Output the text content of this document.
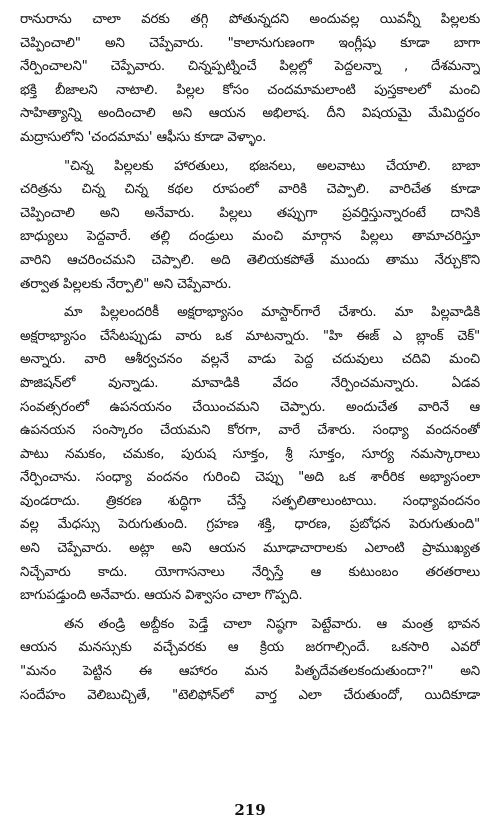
రానురాను చాలా వరకు తగ్గి పోతున్నదని అందువల్ల యివన్నీ పిల్లలకు
చెప్పించాలి" అని చెప్పేవారు. "కాలానుగుణంగా ఇంగ్లీషు కూడా బాగా
నేర్పించాలని" చెప్పేవారు. చిన్నప్పట్నించే పిల్లల్లో పెద్దలన్నా , దేశమన్నా
భక్తి బీజాలని నాటాలి. పిల్లల కోసం చందమామలాంటి పుస్తకాలలో మంచి
సాహిత్యాన్ని అందించాలి అని ఆయన అభిలాష. దీని విషయమై మేమిద్దరం
మద్రాసులోని 'చందమామ' ఆఫీసు కూడా వెళ్ళాం.
"చిన్న పిల్లలకు హారతులు, భజనలు, అలవాటు చేయాలి. బాబా
చరిత్రను చిన్న చిన్న కథల రూపంలో వారికి చెప్పాలి. వారిచేత కూడా
చెప్పించాలి అని అనేవారు. పిల్లలు తప్పుగా ప్రవర్తిస్తున్నారంటే దానికి
బాధ్యులు పెద్దవారే. తల్లి దండ్రులు మంచి మార్గాన పిల్లలు తామాచరిస్తూ
వారిని ఆచరించమని చెప్పాలి. అది తెలియకపోతే ముందు తాము నేర్చుకొని
తర్వాత పిల్లలకు నేర్పాలి" అని చెప్పేవారు.
మా పిల్లలందరికీ అక్షరాభ్యాసం మాస్టార్‌గారే చేశారు. మా పిల్లవాడికి
అక్షరాభ్యాసం చేసేటప్పుడు వారు ఒక మాటన్నారు. "హి ఈజ్ ఎ బ్లాంక్ చెక్"
అన్నారు. వారి ఆశీర్వచనం వల్లనే వాడు పెద్ద చదువులు చదివి మంచి
పొజిషన్‌లో వున్నాడు. మావాడికి వేదం నేర్పించమన్నారు. ఏడవ
సంవత్సరంలో ఉపనయనం చేయించమని చెప్పారు. అందుచేత వారినే ఆ
ఉపనయన సంస్కారం చేయమని కోరగా, వారే చేశారు. సంధ్యా వందనంతో
పాటు నమకం, చమకం, పురుష సూక్తం, శ్రీ సూక్తం, సూర్య నమస్కారాలు
నేర్పించాను. సంధ్యా వందనం గురించి చెప్పు "అది ఒక శారీరిక అభ్యాసంలా
వుండరాదు. త్రికరణ శుద్ధిగా చేస్తే సత్ఫలితాలుంటాయి. సంధ్యావందనం
వల్ల మేధస్సు పెరుగుతుంది. గ్రహణ శక్తి, ధారణ, ప్రబోధన పెరుగుతుంది"
అని చెప్పేవారు. అట్లా అని ఆయన మూఢాచారాలకు ఎలాంటి ప్రాముఖ్యత
నిచ్చేవారు కాదు. యోగాసనాలు నేర్పిస్తే ఆ కుటుంబం తరతరాలు
బాగుపడ్తుంది అనేవారు. ఆయన విశ్వాసం చాలా గొప్పది.
తన తండ్రి అబ్దీకం పెడ్తే చాలా నిష్ఠగా పెట్టేవారు. ఆ మంత్ర భావన
ఆయన మనస్సుకు వచ్చేవరకు ఆ క్రియ జరగాల్సిందే. ఒకసారి ఎవరో
"మనం పెట్టిన ఈ ఆహారం మన పితృదేవతలకందుతుందా?" అని
సందేహం వెలిబుచ్చితే, "టెలిఫోన్‌లో వార్త ఎలా చేరుతుందో, యిదికూడా
219
